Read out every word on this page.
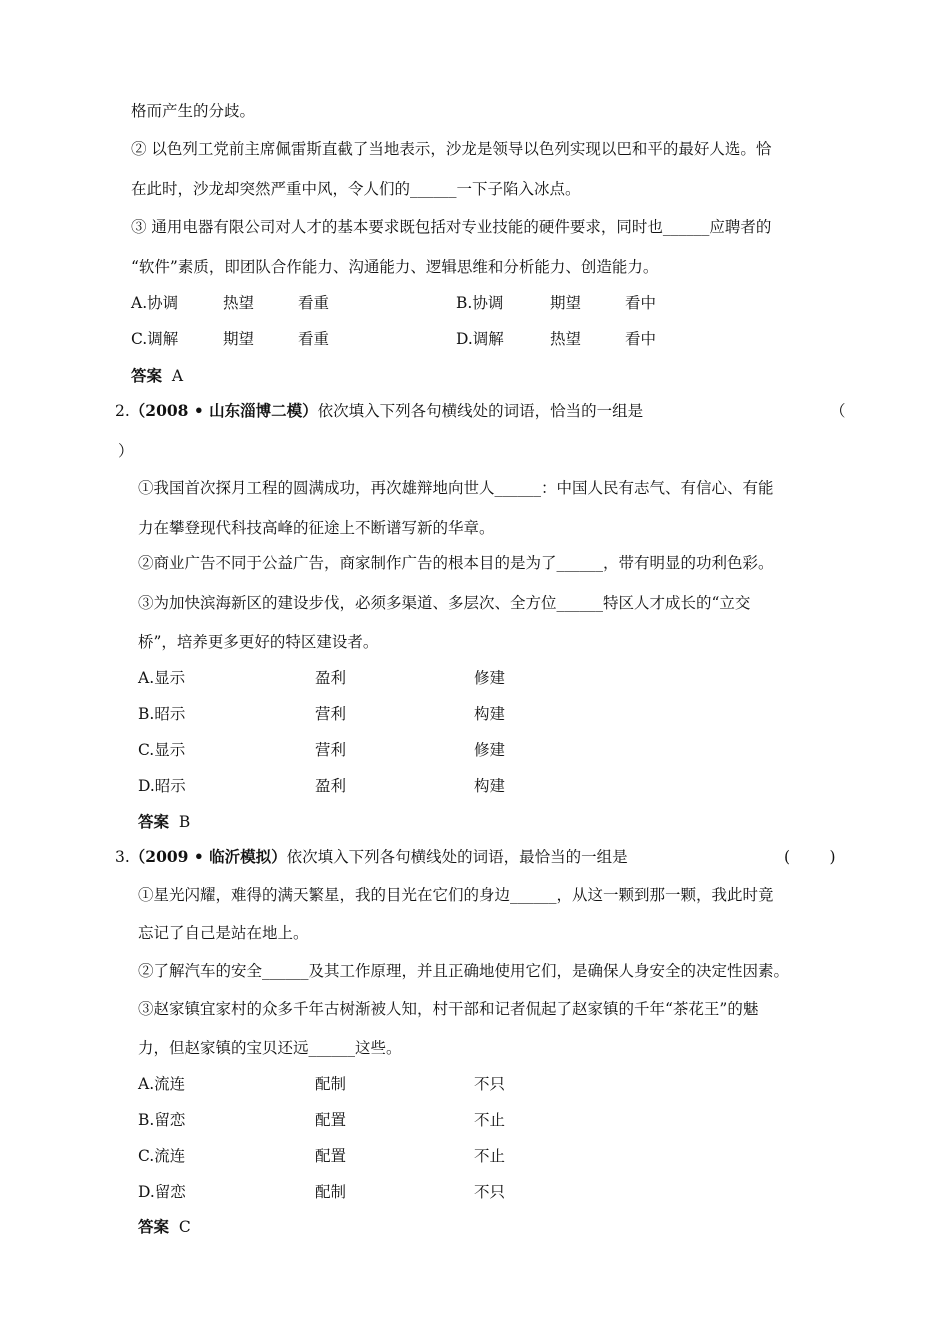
格而产生的分歧。
② 以色列工党前主席佩雷斯直截了当地表示，沙龙是领导以色列实现以巴和平的最好人选。恰
在此时，沙龙却突然严重中风，令人们的______一下子陷入冰点。
③ 通用电器有限公司对人才的基本要求既包括对专业技能的硬件要求，同时也______应聘者的
“软件”素质，即团队合作能力、沟通能力、逻辑思维和分析能力、创造能力。
A.协调	热望	看重	B.协调	期望	看中
C.调解	期望	看重	D.调解	热望	看中
答案 A
2.（2008 • 山东淄博二模）依次填入下列各句横线处的词语，恰当的一组是	（
）
①我国首次探月工程的圆满成功，再次雄辩地向世人______：中国人民有志气、有信心、有能
力在攀登现代科技高峰的征途上不断谱写新的华章。
②商业广告不同于公益广告，商家制作广告的根本目的是为了______，带有明显的功利色彩。
③为加快滨海新区的建设步伐，必须多渠道、多层次、全方位______特区人才成长的“立交
桥”，培养更多更好的特区建设者。
A.显示	盈利	修建
B.昭示	营利	构建
C.显示	营利	修建
D.昭示	盈利	构建
答案 B
3.（2009 • 临沂模拟）依次填入下列各句横线处的词语，最恰当的一组是	(        )
①星光闪耀，难得的满天繁星，我的目光在它们的身边______，从这一颗到那一颗，我此时竟
忘记了自己是站在地上。
②了解汽车的安全______及其工作原理，并且正确地使用它们，是确保人身安全的决定性因素。
③赵家镇宜家村的众多千年古树渐被人知，村干部和记者侃起了赵家镇的千年“茶花王”的魅
力，但赵家镇的宝贝还远______这些。
A.流连	配制	不只
B.留恋	配置	不止
C.流连	配置	不止
D.留恋	配制	不只
答案 C
